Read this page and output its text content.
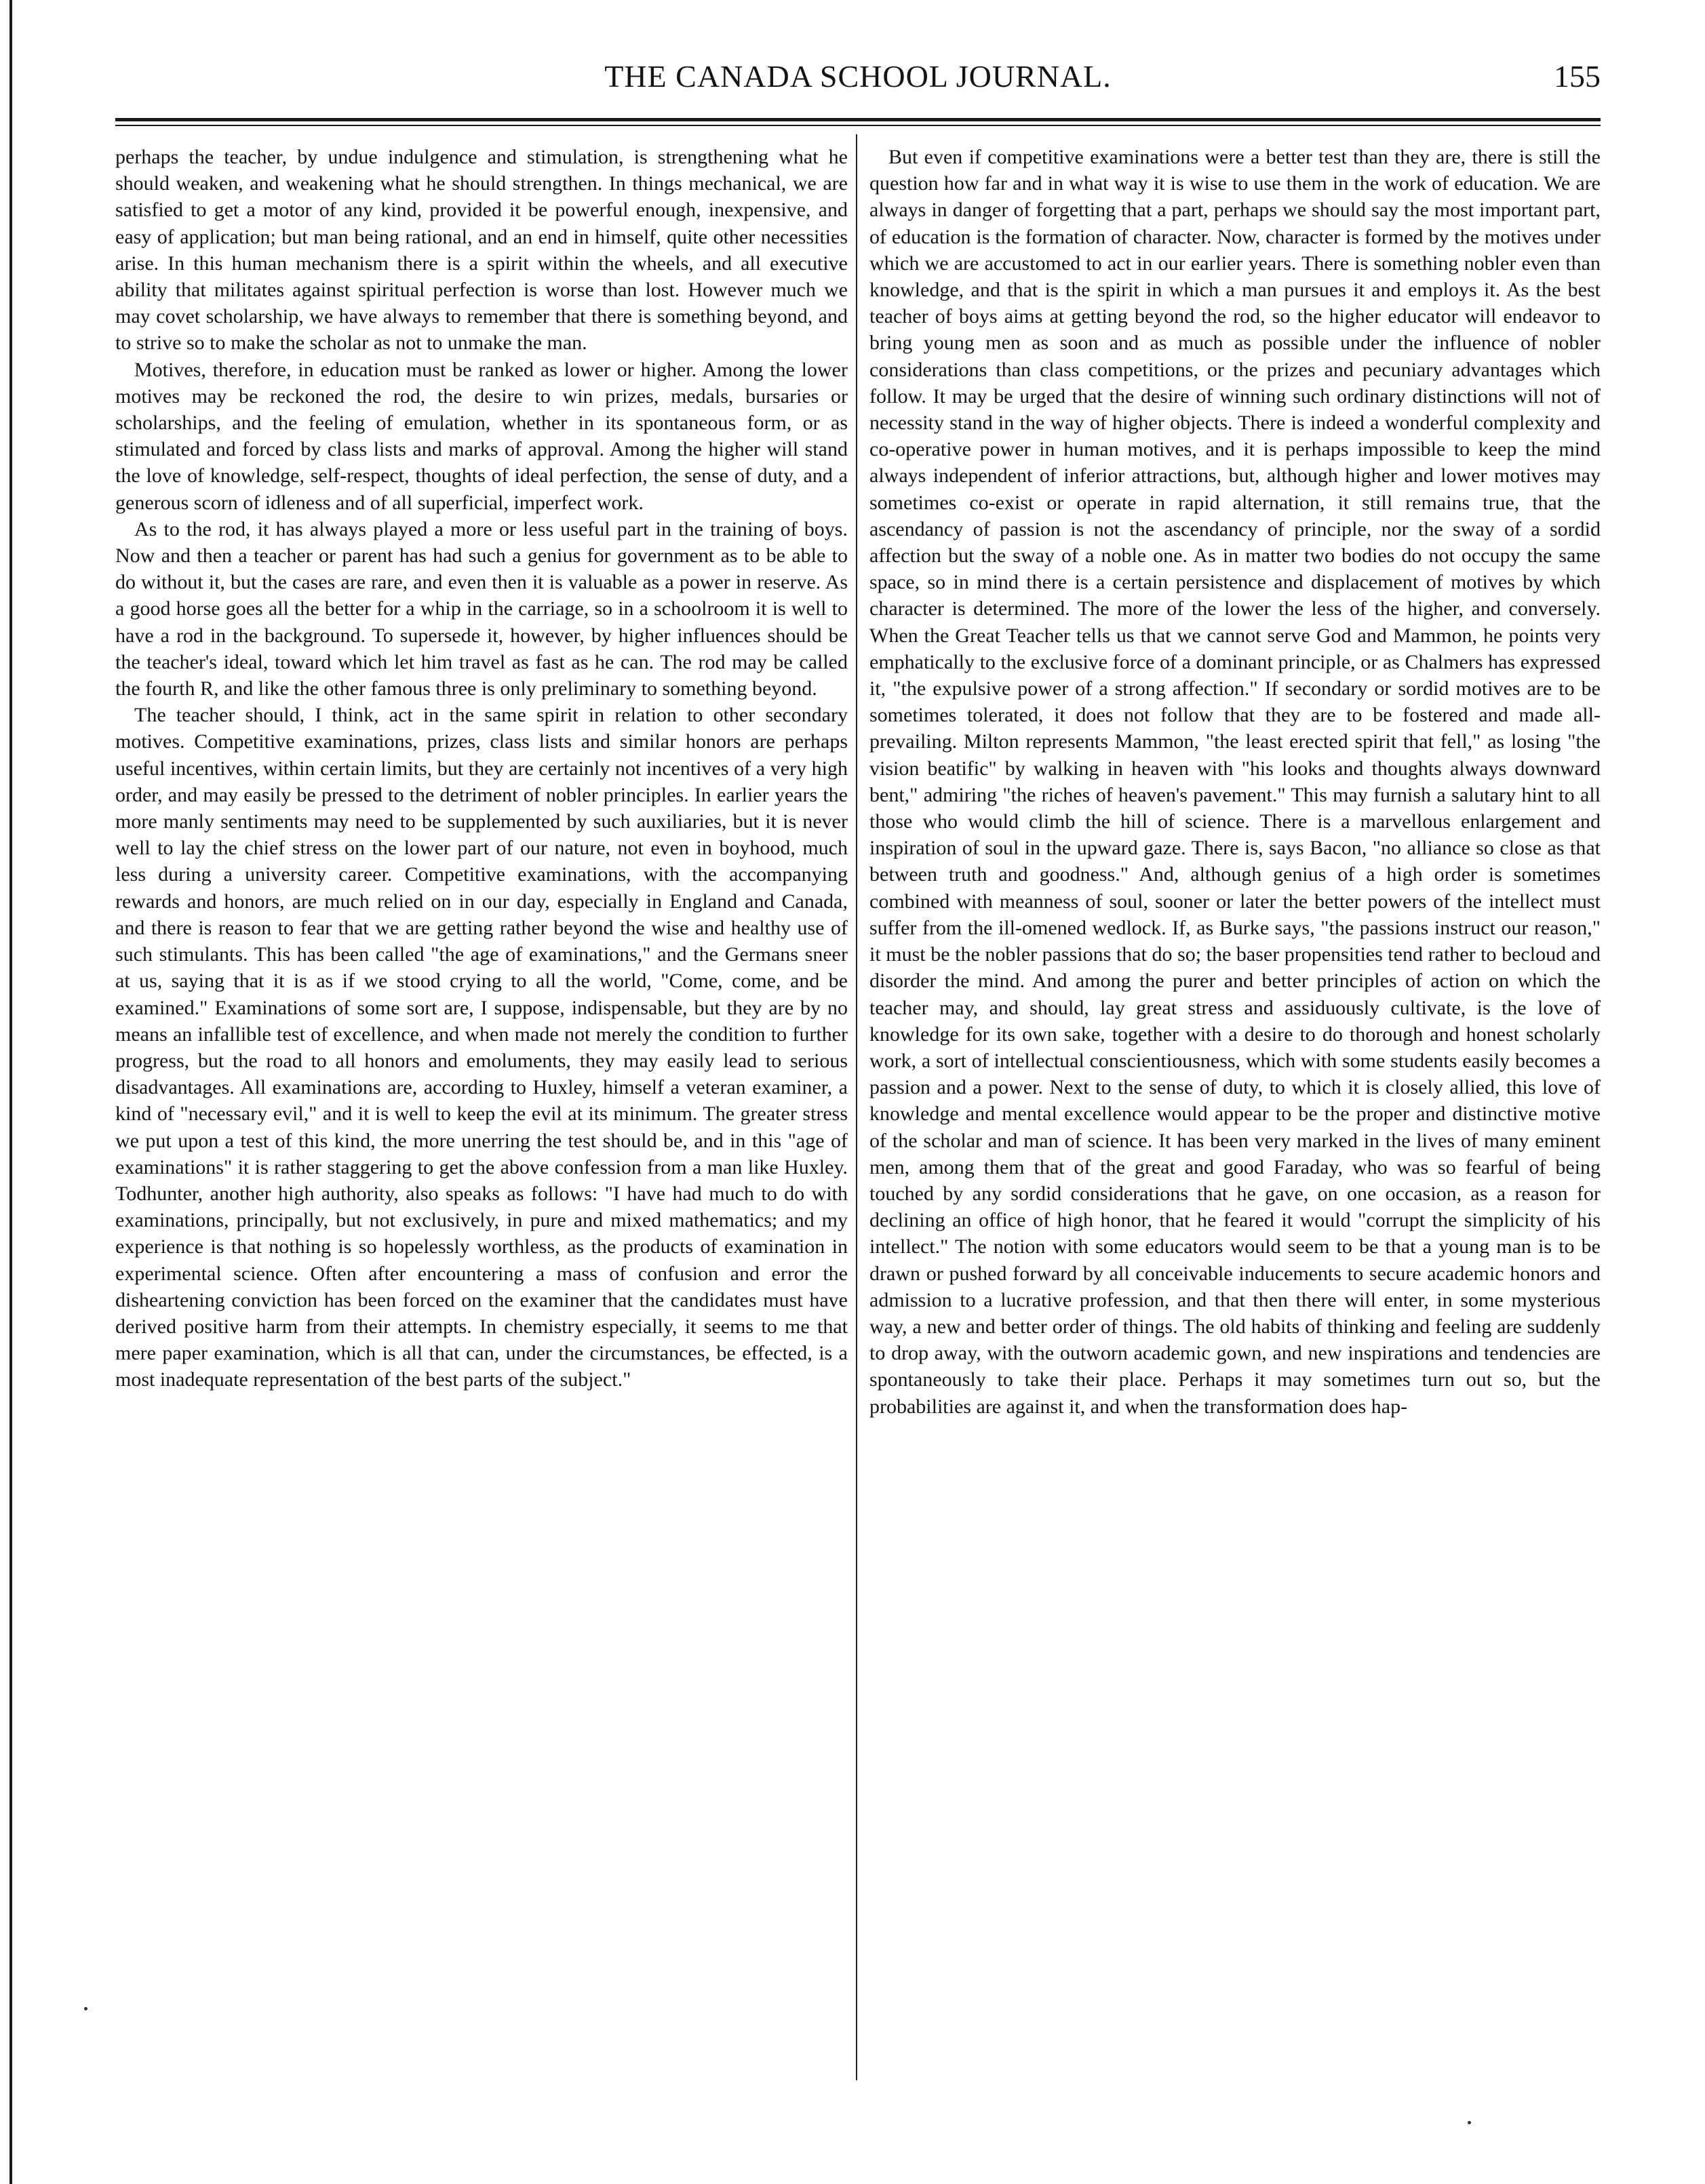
THE CANADA SCHOOL JOURNAL.	155

perhaps the teacher, by undue indulgence and stimulation, is strengthening what he should weaken, and weakening what he should strengthen. In things mechanical, we are satisfied to get a motor of any kind, provided it be powerful enough, inexpensive, and easy of application; but man being rational, and an end in himself, quite other necessities arise. In this human mechanism there is a spirit within the wheels, and all executive ability that militates against spiritual perfection is worse than lost. However much we may covet scholarship, we have always to remember that there is something beyond, and to strive so to make the scholar as not to unmake the man.

Motives, therefore, in education must be ranked as lower or higher. Among the lower motives may be reckoned the rod, the desire to win prizes, medals, bursaries or scholarships, and the feeling of emulation, whether in its spontaneous form, or as stimulated and forced by class lists and marks of approval. Among the higher will stand the love of knowledge, self-respect, thoughts of ideal perfection, the sense of duty, and a generous scorn of idleness and of all superficial, imperfect work.

As to the rod, it has always played a more or less useful part in the training of boys. Now and then a teacher or parent has had such a genius for government as to be able to do without it, but the cases are rare, and even then it is valuable as a power in reserve. As a good horse goes all the better for a whip in the carriage, so in a schoolroom it is well to have a rod in the background. To supersede it, however, by higher influences should be the teacher's ideal, toward which let him travel as fast as he can. The rod may be called the fourth R, and like the other famous three is only preliminary to something beyond.

The teacher should, I think, act in the same spirit in relation to other secondary motives. Competitive examinations, prizes, class lists and similar honors are perhaps useful incentives, within certain limits, but they are certainly not incentives of a very high order, and may easily be pressed to the detriment of nobler principles. In earlier years the more manly sentiments may need to be supplemented by such auxiliaries, but it is never well to lay the chief stress on the lower part of our nature, not even in boyhood, much less during a university career. Competitive examinations, with the accompanying rewards and honors, are much relied on in our day, especially in England and Canada, and there is reason to fear that we are getting rather beyond the wise and healthy use of such stimulants. This has been called "the age of examinations," and the Germans sneer at us, saying that it is as if we stood crying to all the world, "Come, come, and be examined." Examinations of some sort are, I suppose, indispensable, but they are by no means an infallible test of excellence, and when made not merely the condition to further progress, but the road to all honors and emoluments, they may easily lead to serious disadvantages. All examinations are, according to Huxley, himself a veteran examiner, a kind of "necessary evil," and it is well to keep the evil at its minimum. The greater stress we put upon a test of this kind, the more unerring the test should be, and in this "age of examinations" it is rather staggering to get the above confession from a man like Huxley. Todhunter, another high authority, also speaks as follows: "I have had much to do with examinations, principally, but not exclusively, in pure and mixed mathematics; and my experience is that nothing is so hopelessly worthless, as the products of examination in experimental science. Often after encountering a mass of confusion and error the disheartening conviction has been forced on the examiner that the candidates must have derived positive harm from their attempts. In chemistry especially, it seems to me that mere paper examination, which is all that can, under the circumstances, be effected, is a most inadequate representation of the best parts of the subject."

But even if competitive examinations were a better test than they are, there is still the question how far and in what way it is wise to use them in the work of education. We are always in danger of forgetting that a part, perhaps we should say the most important part, of education is the formation of character. Now, character is formed by the motives under which we are accustomed to act in our earlier years. There is something nobler even than knowledge, and that is the spirit in which a man pursues it and employs it. As the best teacher of boys aims at getting beyond the rod, so the higher educator will endeavor to bring young men as soon and as much as possible under the influence of nobler considerations than class competitions, or the prizes and pecuniary advantages which follow. It may be urged that the desire of winning such ordinary distinctions will not of necessity stand in the way of higher objects. There is indeed a wonderful complexity and co-operative power in human motives, and it is perhaps impossible to keep the mind always independent of inferior attractions, but, although higher and lower motives may sometimes co-exist or operate in rapid alternation, it still remains true, that the ascendancy of passion is not the ascendancy of principle, nor the sway of a sordid affection but the sway of a noble one. As in matter two bodies do not occupy the same space, so in mind there is a certain persistence and displacement of motives by which character is determined. The more of the lower the less of the higher, and conversely. When the Great Teacher tells us that we cannot serve God and Mammon, he points very emphatically to the exclusive force of a dominant principle, or as Chalmers has expressed it, "the expulsive power of a strong affection." If secondary or sordid motives are to be sometimes tolerated, it does not follow that they are to be fostered and made all-prevailing. Milton represents Mammon, "the least erected spirit that fell," as losing "the vision beatific" by walking in heaven with "his looks and thoughts always downward bent," admiring "the riches of heaven's pavement." This may furnish a salutary hint to all those who would climb the hill of science. There is a marvellous enlargement and inspiration of soul in the upward gaze. There is, says Bacon, "no alliance so close as that between truth and goodness." And, although genius of a high order is sometimes combined with meanness of soul, sooner or later the better powers of the intellect must suffer from the ill-omened wedlock. If, as Burke says, "the passions instruct our reason," it must be the nobler passions that do so; the baser propensities tend rather to becloud and disorder the mind. And among the purer and better principles of action on which the teacher may, and should, lay great stress and assiduously cultivate, is the love of knowledge for its own sake, together with a desire to do thorough and honest scholarly work, a sort of intellectual conscientiousness, which with some students easily becomes a passion and a power. Next to the sense of duty, to which it is closely allied, this love of knowledge and mental excellence would appear to be the proper and distinctive motive of the scholar and man of science. It has been very marked in the lives of many eminent men, among them that of the great and good Faraday, who was so fearful of being touched by any sordid considerations that he gave, on one occasion, as a reason for declining an office of high honor, that he feared it would "corrupt the simplicity of his intellect." The notion with some educators would seem to be that a young man is to be drawn or pushed forward by all conceivable inducements to secure academic honors and admission to a lucrative profession, and that then there will enter, in some mysterious way, a new and better order of things. The old habits of thinking and feeling are suddenly to drop away, with the outworn academic gown, and new inspirations and tendencies are spontaneously to take their place. Perhaps it may sometimes turn out so, but the probabilities are against it, and when the transformation does hap-
